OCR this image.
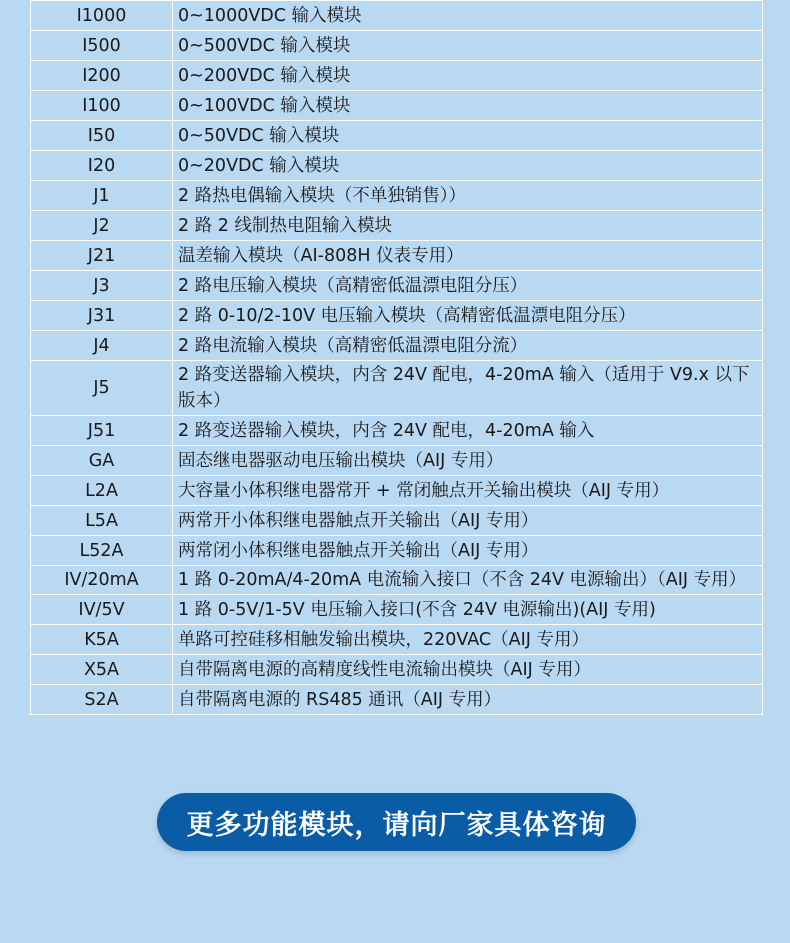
I1000	0~1000VDC 输入模块
I500	0~500VDC 输入模块
I200	0~200VDC 输入模块
I100	0~100VDC 输入模块
I50	0~50VDC 输入模块
I20	0~20VDC 输入模块
J1	2 路热电偶输入模块（不单独销售））
J2	2 路 2 线制热电阻输入模块
J21	温差输入模块（AI-808H 仪表专用）
J3	2 路电压输入模块（高精密低温漂电阻分压）
J31	2 路 0-10/2-10V 电压输入模块（高精密低温漂电阻分压）
J4	2 路电流输入模块（高精密低温漂电阻分流）
J5	2 路变送器输入模块，内含 24V 配电，4-20mA 输入（适用于 V9.x 以下版本）
J51	2 路变送器输入模块，内含 24V 配电，4-20mA 输入
GA	固态继电器驱动电压输出模块（AIJ 专用）
L2A	大容量小体积继电器常开 + 常闭触点开关输出模块（AIJ 专用）
L5A	两常开小体积继电器触点开关输出（AIJ 专用）
L52A	两常闭小体积继电器触点开关输出（AIJ 专用）
IV/20mA	1 路 0-20mA/4-20mA 电流输入接口（不含 24V 电源输出）（AIJ 专用）
IV/5V	1 路 0-5V/1-5V 电压输入接口(不含 24V 电源输出)(AIJ 专用)
K5A	单路可控硅移相触发输出模块，220VAC（AIJ 专用）
X5A	自带隔离电源的高精度线性电流输出模块（AIJ 专用）
S2A	自带隔离电源的 RS485 通讯（AIJ 专用）
更多功能模块，请向厂家具体咨询
